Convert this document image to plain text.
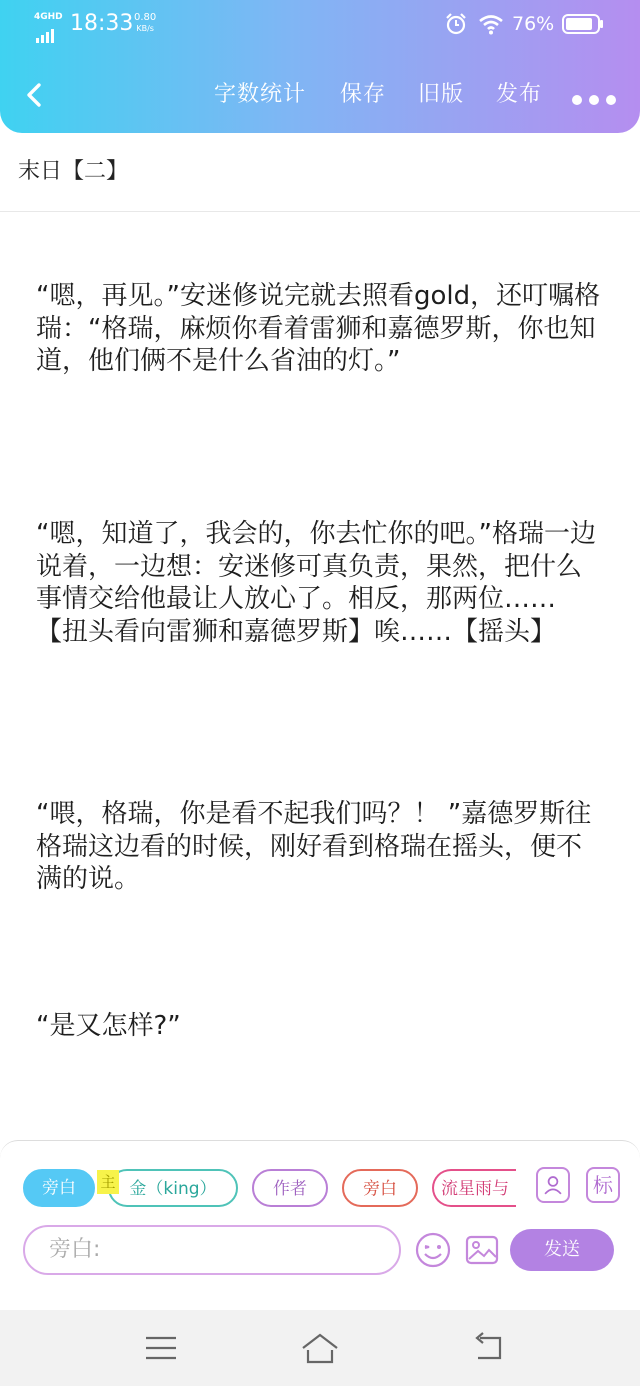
4GHD 18:33 0.80
KB/s	76%
字数统计 保存 旧版 发布
末日【二】
“嗯，再见。”安迷修说完就去照看gold，还叮嘱格瑞：“格瑞，麻烦你看着雷狮和嘉德罗斯，你也知道，他们俩不是什么省油的灯。”
“嗯，知道了，我会的，你去忙你的吧。”格瑞一边说着，一边想：安迷修可真负责，果然，把什么事情交给他最让人放心了。相反，那两位…… 【扭头看向雷狮和嘉德罗斯】唉……【摇头】
“喂，格瑞，你是看不起我们吗？！ ”嘉德罗斯往格瑞这边看的时候，刚好看到格瑞在摇头，便不满的说。
“是又怎样?”
旁白	金（king）	作者	旁白	流星雨与	标
旁白:	发送
主
